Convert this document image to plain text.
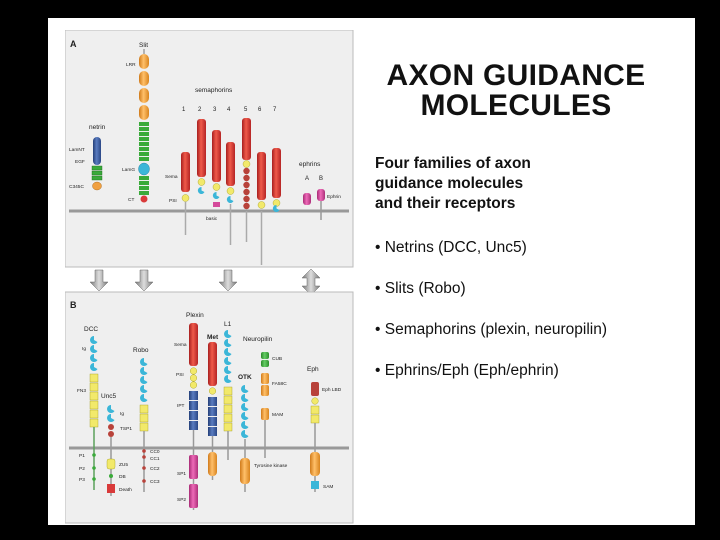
A
netrin
LamNT
EGF
C345C
Slit
LRR
LamG
CT
semaphorins
1 2 3 4 5 6 7
Sema
PSI
basic
ephrins
A B
Ephrin
B
DCC
Ig
FN3
P1
P2
P3
Unc5
Ig
TSP1
ZU5
DB
Death
Robo
CC0
CC1
CC2
CC3
Plexin
Met
Sema
PSI
IPT
SP1
SP2
L1
OTK
Tyrosine kinase
Neuropilin
CUB
FA58C
MAM
Eph
Eph LBD
SAM
AXON GUIDANCE
MOLECULES
Four families of axon
guidance molecules
and their receptors
• Netrins (DCC, Unc5)
• Slits (Robo)
• Semaphorins (plexin, neuropilin)
• Ephrins/Eph (Eph/ephrin)
